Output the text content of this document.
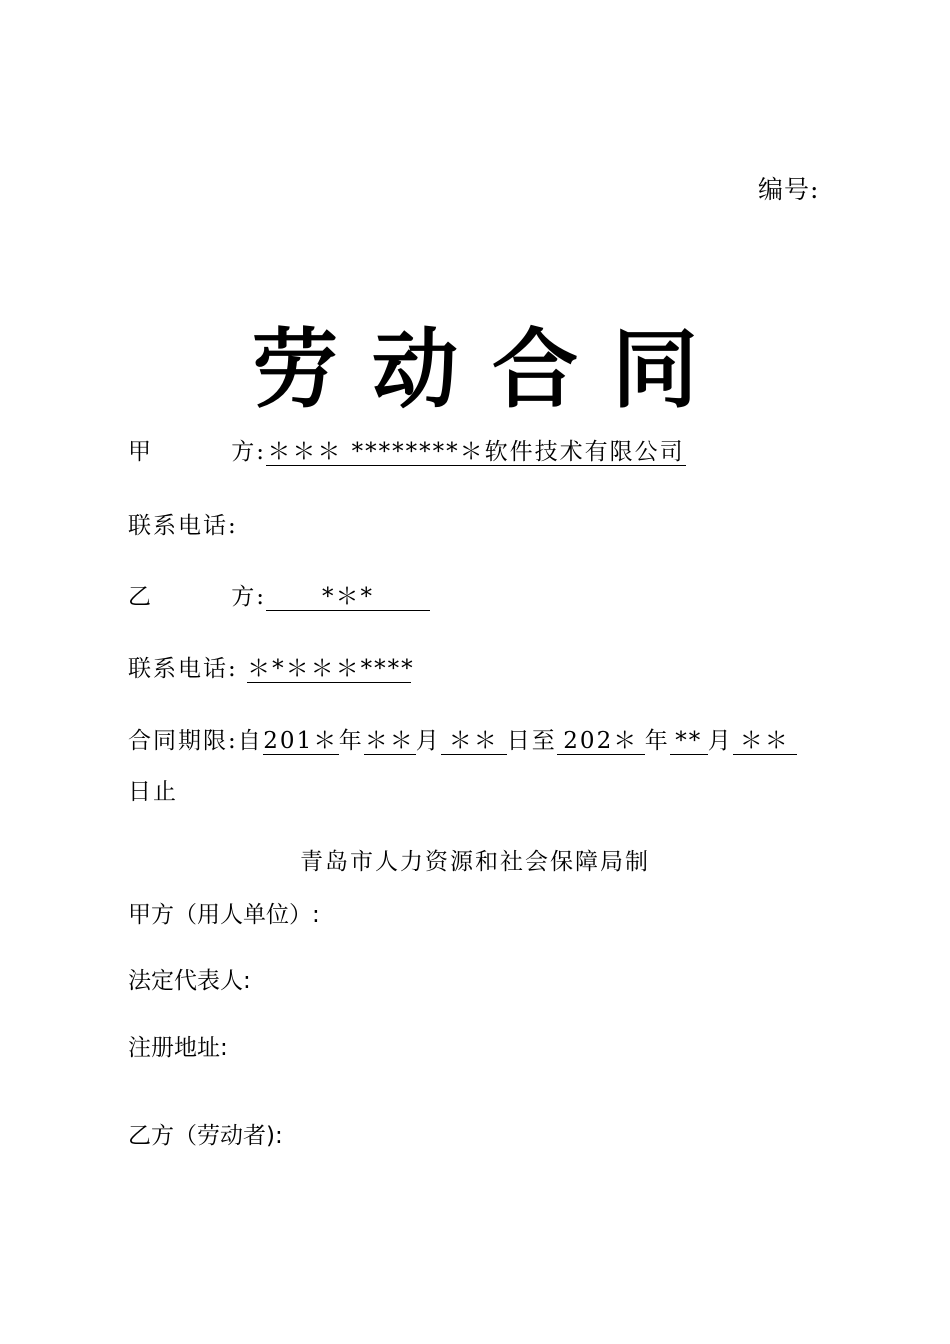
编号:
劳动合同
甲	方: ＊＊＊ ********＊软件技术有限公司
联系电话:
乙	方: *＊*
联系电话: ＊*＊＊＊****
合同期限:自201＊年＊＊月 ＊＊ 日至 202＊ 年 ** 月 ＊＊
日止
青岛市人力资源和社会保障局制
甲方（用人单位）:
法定代表人:
注册地址:
乙方（劳动者):
